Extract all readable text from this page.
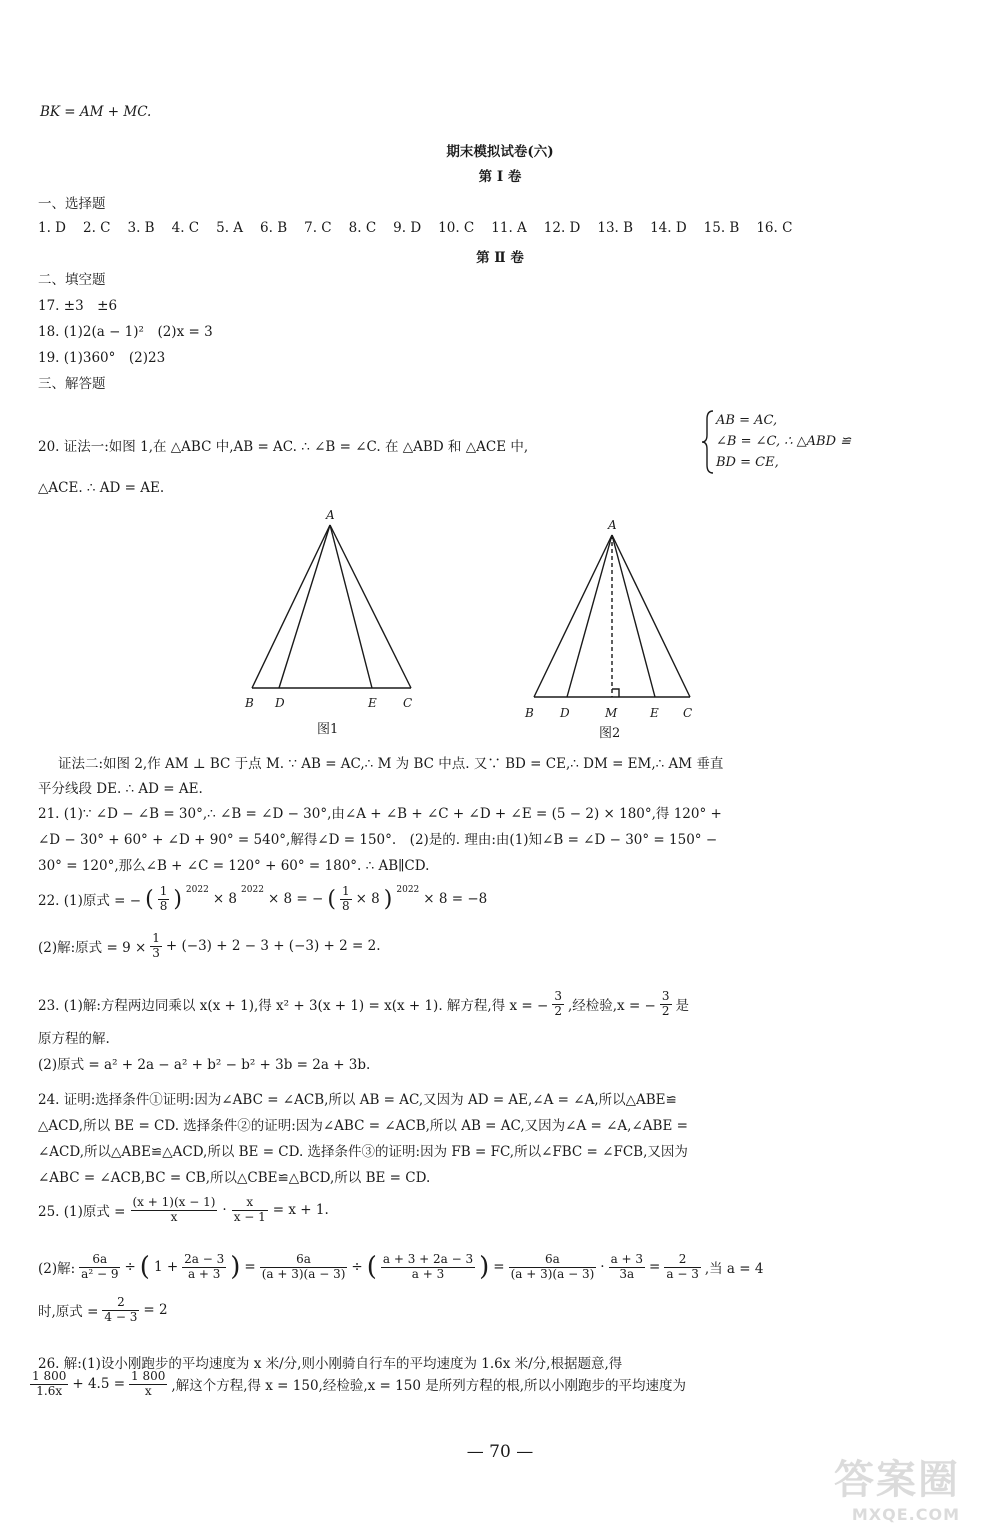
BK = AM + MC.
期末模拟试卷(六)
第 Ⅰ 卷
一、选择题
1. D 2. C 3. B 4. C 5. A 6. B 7. C 8. C 9. D 10. C 11. A 12. D 13. B 14. D 15. B 16. C
第 Ⅱ 卷
二、填空题
17. ±3　±6
18. (1)2(a − 1)²　(2)x = 3
19. (1)360°　(2)23
三、解答题
20. 证法一:如图 1,在 △ABC 中,AB = AC. ∴ ∠B = ∠C. 在 △ABD 和 △ACE 中,
AB = AC,
∠B = ∠C, ∴ △ABD ≌
BD = CE,
△ACE. ∴ AD = AE.
A
B D	E C
图1
A
B D	M	E C
图2
证法二:如图 2,作 AM ⊥ BC 于点 M. ∵ AB = AC,∴ M 为 BC 中点. 又∵ BD = CE,∴ DM = EM,∴ AM 垂直
平分线段 DE. ∴ AD = AE.
21. (1)∵ ∠D − ∠B = 30°,∴ ∠B = ∠D − 30°,由∠A + ∠B + ∠C + ∠D + ∠E = (5 − 2) × 180°,得 120° +
∠D − 30° + 60° + ∠D + 90° = 540°,解得∠D = 150°.　(2)是的. 理由:由(1)知∠B = ∠D − 30° = 150° −
30° = 120°,那么∠B + ∠C = 120° + 60° = 180°. ∴ AB∥CD.
22. (1)原式 = − ( $\frac{1}{8}$ ) $^{2022}$
× 8
$^{2022}$
× 8 = − ( $\frac{1}{8} \times 8$ ) $^{2022}$
× 8 = −8
(2)解:原式 = $9 \times \frac{1}{3} + (-3) + 2 - 3 + (-3) + 2 = 2$.
23. (1)解:方程两边同乘以 x(x + 1),得 x² + 3(x + 1) = x(x + 1). 解方程,得 x = − $\frac{3}{2}$ ,经检验,x = − $\frac{3}{2}$ 是
原方程的解.
(2)原式 = a² + 2a − a² + b² − b² + 3b = 2a + 3b.
24. 证明:选择条件①证明:因为∠ABC = ∠ACB,所以 AB = AC,又因为 AD = AE,∠A = ∠A,所以△ABE≌
△ACD,所以 BE = CD. 选择条件②的证明:因为∠ABC = ∠ACB,所以 AB = AC,又因为∠A = ∠A,∠ABE =
∠ACD,所以△ABE≌△ACD,所以 BE = CD. 选择条件③的证明:因为 FB = FC,所以∠FBC = ∠FCB,又因为
∠ABC = ∠ACB,BC = CB,所以△CBE≌△BCD,所以 BE = CD.
25. (1)原式 = $\frac{(x + 1)(x - 1)}{x} \cdot \frac{x}{x - 1} = x + 1$.
(2)解: $\frac{6a}{\text{a² − 9}}$ ÷ ( $1 + \frac{2a - 3}{a + 3}$ ) = $\frac{6a}{(a + 3)(a - 3)}$ ÷ ( $\frac{a + 3 + 2a - 3}{a + 3}$ ) = $\frac{6a}{(a + 3)(a - 3)} \cdot \frac{a + 3}{3a} = \frac{2}{a - 3}$ ,当 a = 4
时,原式 = $\frac{2}{4 - 3} = 2$
26. 解:(1)设小刚跑步的平均速度为 x 米/分,则小刚骑自行车的平均速度为 1.6x 米/分,根据题意,得
$\frac{1 800}{1.6x} + 4.5 = \frac{1 800}{x}$ ,解这个方程,得 x = 150,经检验,x = 150 是所列方程的根,所以小刚跑步的平均速度为
— 70 —
答案圈
MXQE.COM
